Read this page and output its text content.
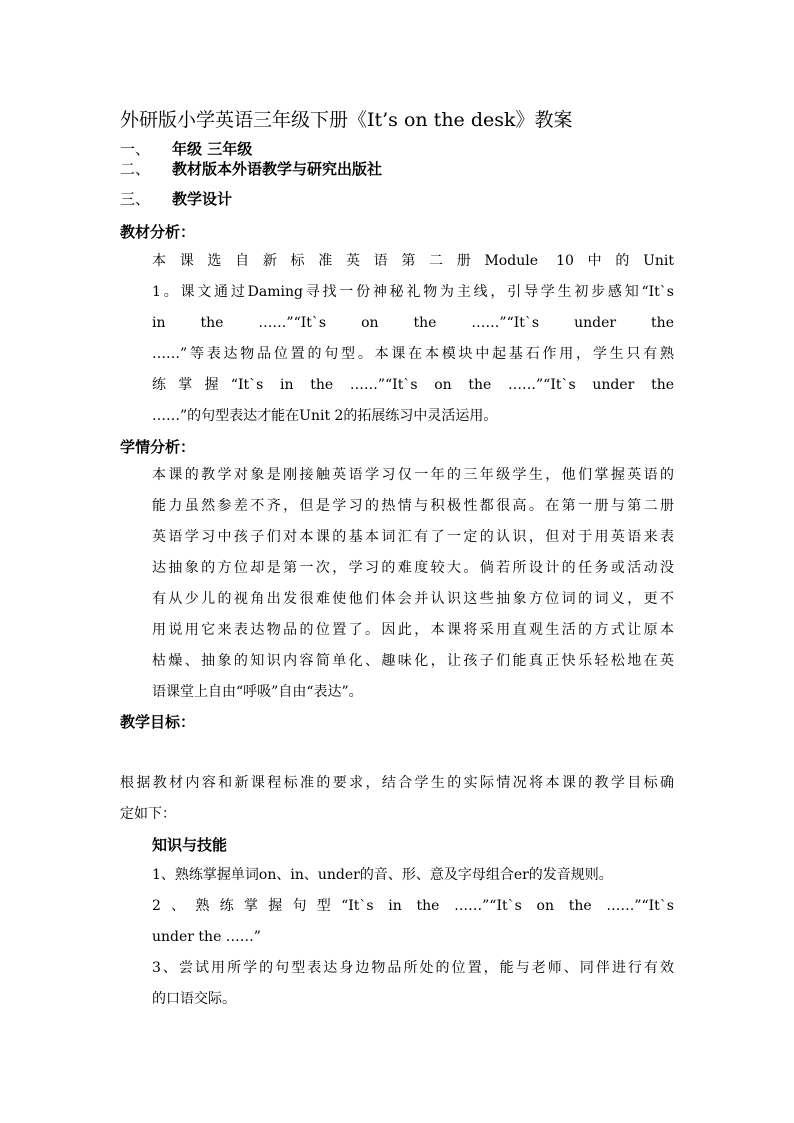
外研版小学英语三年级下册《It’s on the desk》教案
一、 年级 三年级
二、 教材版本外语教学与研究出版社
三、 教学设计
教材分析：
本课选自新标准英语第二册Module 10中的Unit
1。课文通过Daming寻找一份神秘礼物为主线，引导学生初步感知“It`s
in the ……”“It`s on the ……”“It`s under the
……”等表达物品位置的句型。本课在本模块中起基石作用，学生只有熟
练掌握“It`s in the ……”“It`s on the ……”“It`s under the
……”的句型表达才能在Unit 2的拓展练习中灵活运用。
学情分析：
本课的教学对象是刚接触英语学习仅一年的三年级学生，他们掌握英语的
能力虽然参差不齐，但是学习的热情与积极性都很高。在第一册与第二册
英语学习中孩子们对本课的基本词汇有了一定的认识，但对于用英语来表
达抽象的方位却是第一次，学习的难度较大。倘若所设计的任务或活动没
有从少儿的视角出发很难使他们体会并认识这些抽象方位词的词义，更不
用说用它来表达物品的位置了。因此，本课将采用直观生活的方式让原本
枯燥、抽象的知识内容简单化、趣味化，让孩子们能真正快乐轻松地在英
语课堂上自由“呼吸”自由“表达”。
教学目标：
根据教材内容和新课程标准的要求，结合学生的实际情况将本课的教学目标确
定如下：
知识与技能
1、熟练掌握单词on、in、under的音、形、意及字母组合er的发音规则。
2、熟练掌握句型“It`s in the ……”“It`s on the ……”“It`s
under the ……”
3、尝试用所学的句型表达身边物品所处的位置，能与老师、同伴进行有效
的口语交际。
